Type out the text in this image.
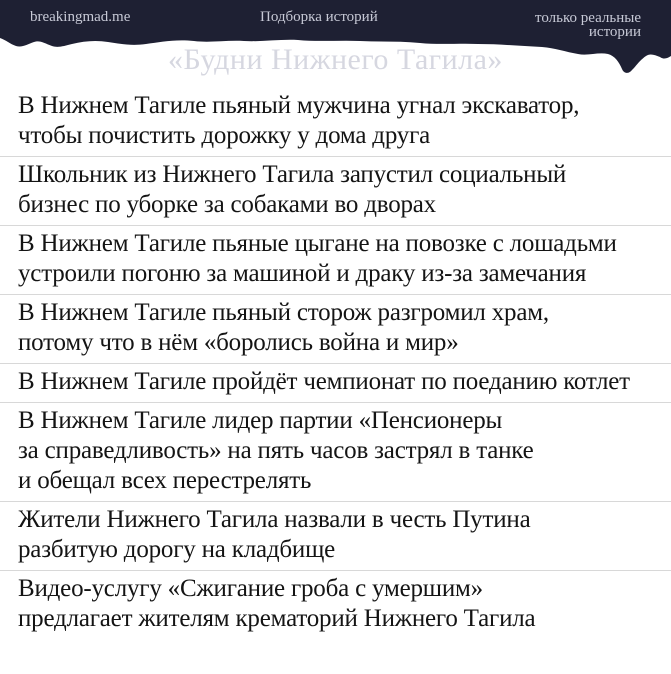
breakingmad.me	Подборка историй	только реальные
истории
«Будни Нижнего Тагила»
В Нижнем Тагиле пьяный мужчина угнал экскаватор,
чтобы почистить дорожку у дома друга
Школьник из Нижнего Тагила запустил социальный
бизнес по уборке за собаками во дворах
В Нижнем Тагиле пьяные цыгане на повозке с лошадьми
устроили погоню за машиной и драку из-за замечания
В Нижнем Тагиле пьяный сторож разгромил храм,
потому что в нём «боролись война и мир»
В Нижнем Тагиле пройдёт чемпионат по поеданию котлет
В Нижнем Тагиле лидер партии «Пенсионеры
за справедливость» на пять часов застрял в танке
и обещал всех перестрелять
Жители Нижнего Тагила назвали в честь Путина
разбитую дорогу на кладбище
Видео-услугу «Сжигание гроба с умершим»
предлагает жителям крематорий Нижнего Тагила
